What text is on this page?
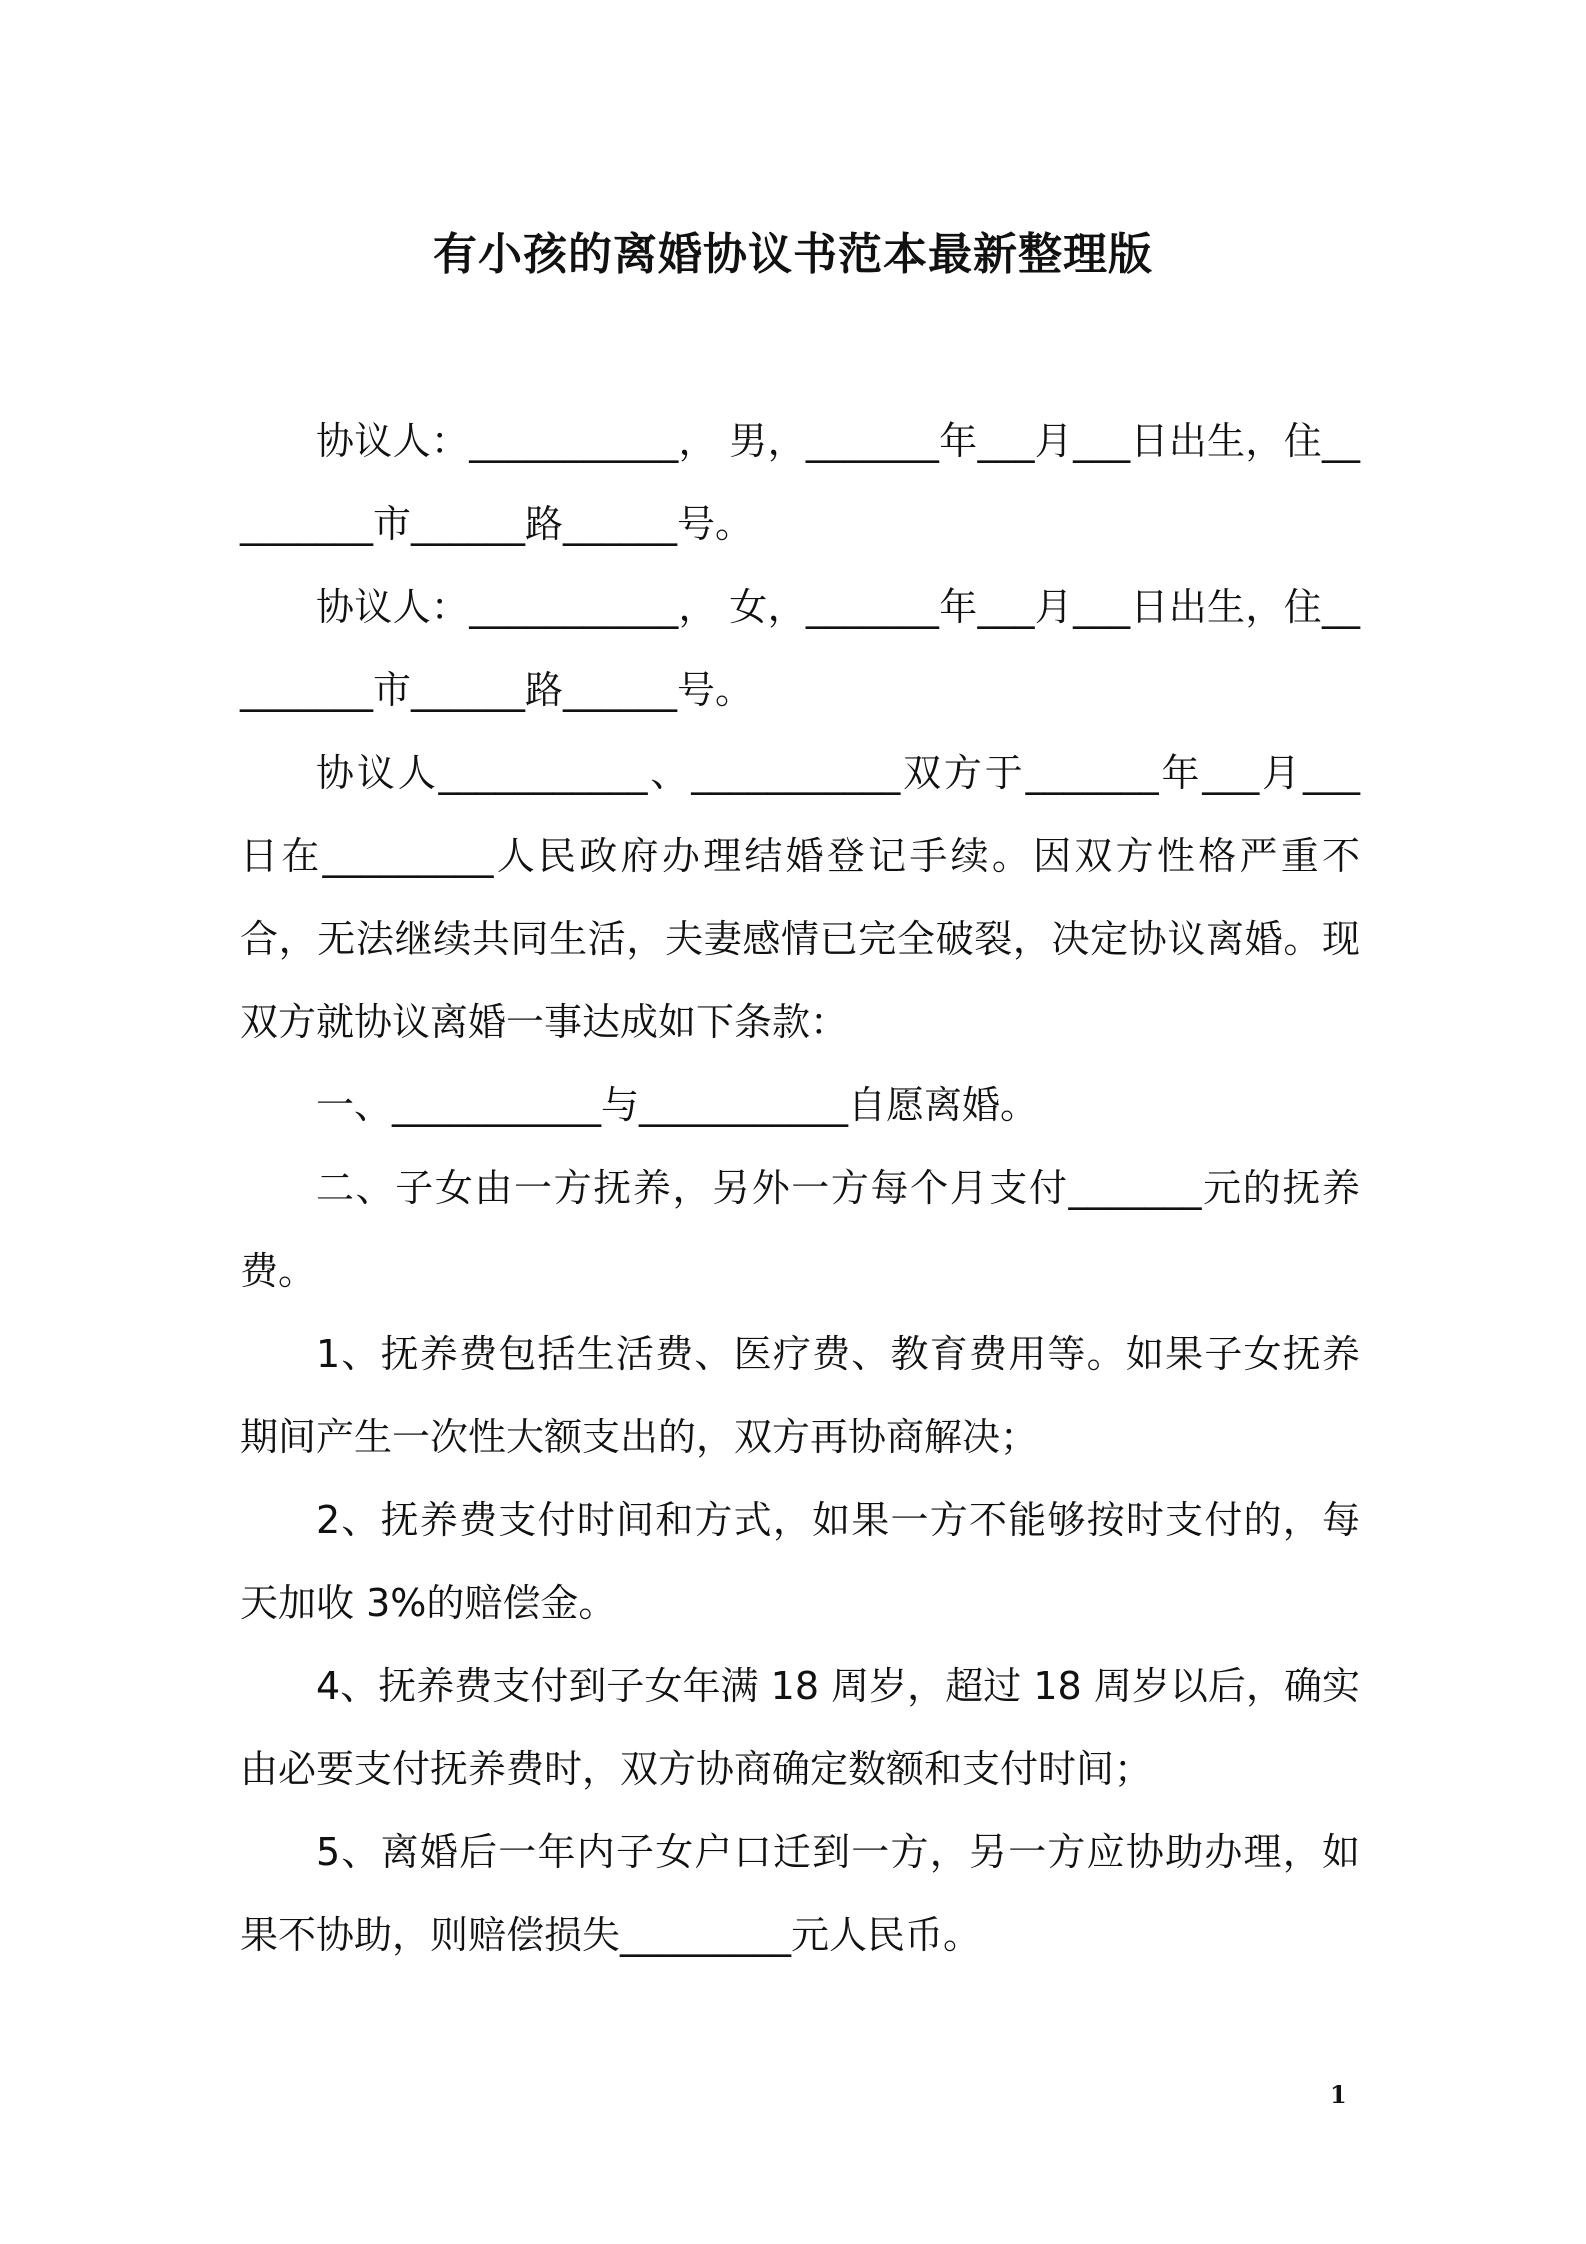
有小孩的离婚协议书范本最新整理版

协议人：___________， 男，_______年___月___日出生，住_________市______路______号。

协议人：___________， 女，_______年___月___日出生，住_________市______路______号。

协议人___________、___________双方于_______年___月___日在_________人民政府办理结婚登记手续。因双方性格严重不合，无法继续共同生活，夫妻感情已完全破裂，决定协议离婚。现双方就协议离婚一事达成如下条款：

一、___________与___________自愿离婚。

二、子女由一方抚养，另外一方每个月支付_______元的抚养费。

1、抚养费包括生活费、医疗费、教育费用等。如果子女抚养期间产生一次性大额支出的，双方再协商解决；

2、抚养费支付时间和方式，如果一方不能够按时支付的，每天加收 3%的赔偿金。

4、抚养费支付到子女年满 18 周岁，超过 18 周岁以后，确实由必要支付抚养费时，双方协商确定数额和支付时间；

5、离婚后一年内子女户口迁到一方，另一方应协助办理，如果不协助，则赔偿损失_________元人民币。

1
